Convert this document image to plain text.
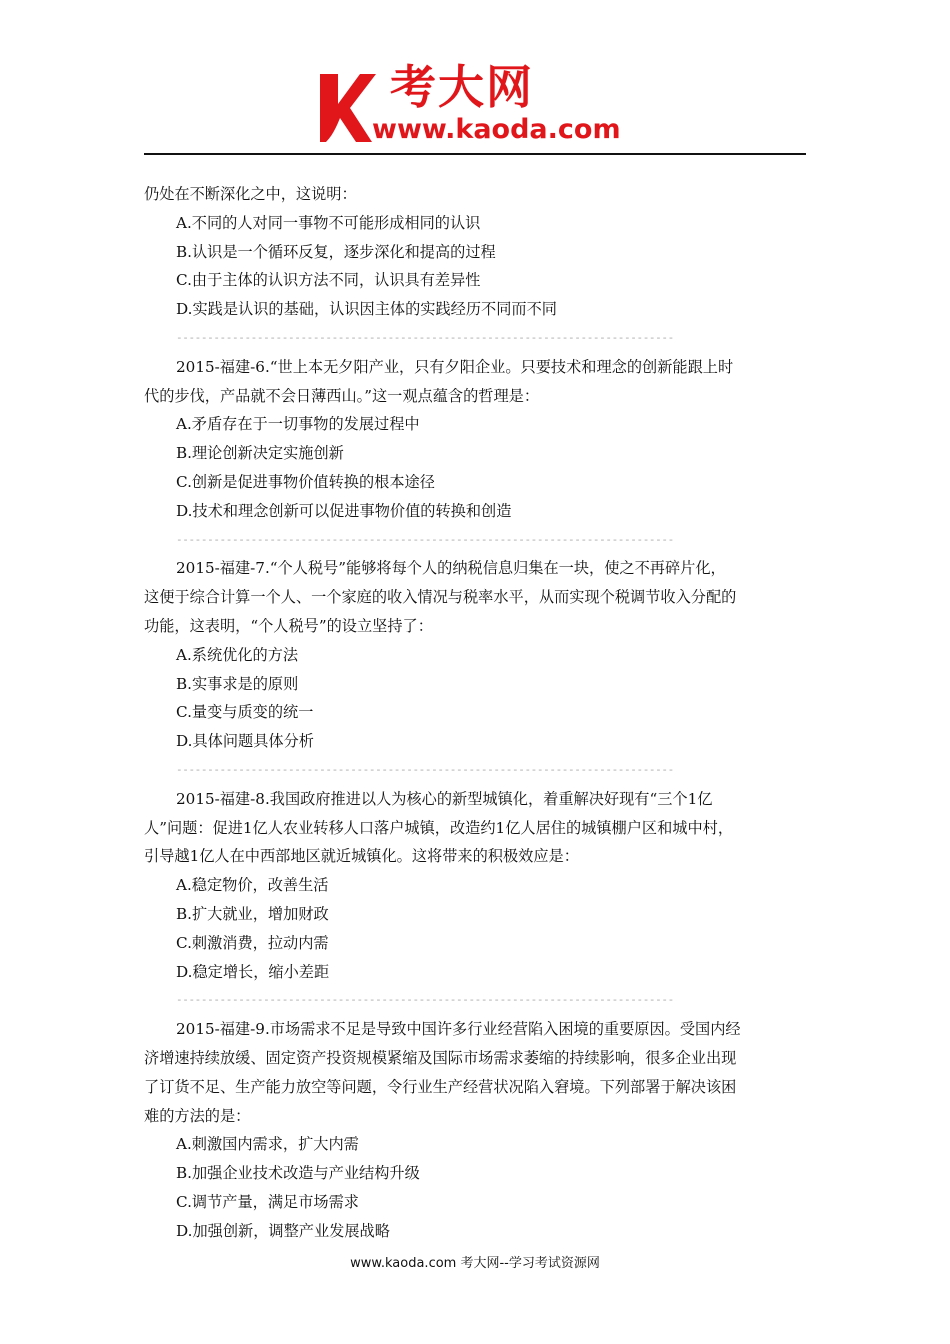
考大网
www.kaoda.com
仍处在不断深化之中，这说明：
A.不同的人对同一事物不可能形成相同的认识
B.认识是一个循环反复，逐步深化和提高的过程
C.由于主体的认识方法不同，认识具有差异性
D.实践是认识的基础，认识因主体的实践经历不同而不同
--------------------------------------------------------------------------------
2015-福建-6.“世上本无夕阳产业，只有夕阳企业。只要技术和理念的创新能跟上时
代的步伐，产品就不会日薄西山。”这一观点蕴含的哲理是：
A.矛盾存在于一切事物的发展过程中
B.理论创新决定实施创新
C.创新是促进事物价值转换的根本途径
D.技术和理念创新可以促进事物价值的转换和创造
--------------------------------------------------------------------------------
2015-福建-7.“个人税号”能够将每个人的纳税信息归集在一块，使之不再碎片化，
这便于综合计算一个人、一个家庭的收入情况与税率水平，从而实现个税调节收入分配的
功能，这表明，“个人税号”的设立坚持了：
A.系统优化的方法
B.实事求是的原则
C.量变与质变的统一
D.具体问题具体分析
--------------------------------------------------------------------------------
2015-福建-8.我国政府推进以人为核心的新型城镇化，着重解决好现有“三个1亿
人”问题：促进1亿人农业转移人口落户城镇，改造约1亿人居住的城镇棚户区和城中村，
引导越1亿人在中西部地区就近城镇化。这将带来的积极效应是：
A.稳定物价，改善生活
B.扩大就业，增加财政
C.刺激消费，拉动内需
D.稳定增长，缩小差距
--------------------------------------------------------------------------------
2015-福建-9.市场需求不足是导致中国许多行业经营陷入困境的重要原因。受国内经
济增速持续放缓、固定资产投资规模紧缩及国际市场需求萎缩的持续影响，很多企业出现
了订货不足、生产能力放空等问题，令行业生产经营状况陷入窘境。下列部署于解决该困
难的方法的是：
A.刺激国内需求，扩大内需
B.加强企业技术改造与产业结构升级
C.调节产量，满足市场需求
D.加强创新，调整产业发展战略
www.kaoda.com 考大网--学习考试资源网
